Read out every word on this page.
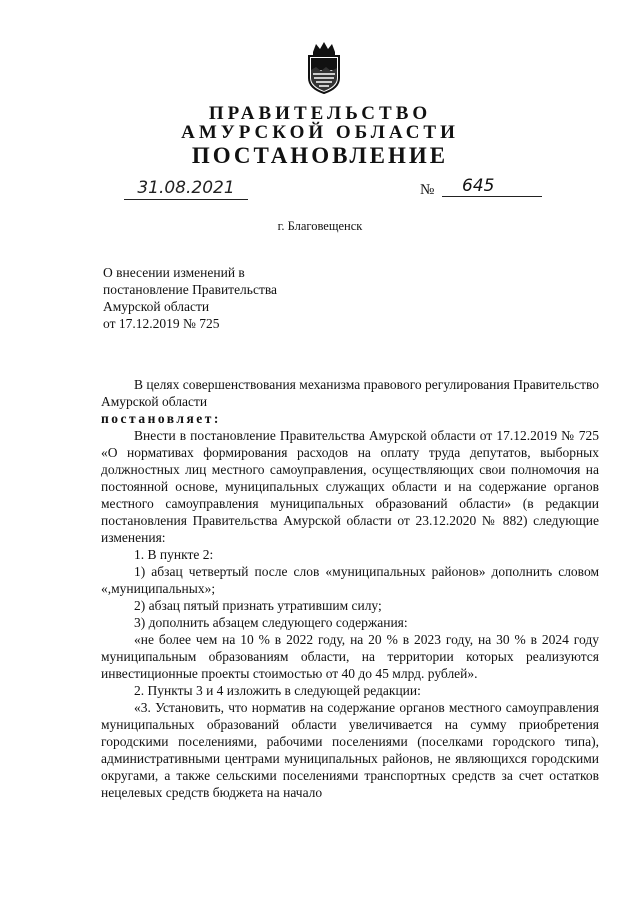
ПРАВИТЕЛЬСТВО
АМУРСКОЙ ОБЛАСТИ
ПОСТАНОВЛЕНИЕ
31.08.2021	№	645
г. Благовещенск
О внесении изменений в
постановление Правительства
Амурской области
от 17.12.2019 № 725

В целях совершенствования механизма правового регулирования Правительство Амурской области

постановляет:

Внести в постановление Правительства Амурской области от 17.12.2019 № 725 «О нормативах формирования расходов на оплату труда депутатов, выборных должностных лиц местного самоуправления, осуществляющих свои полномочия на постоянной основе, муниципальных служащих области и на содержание органов местного самоуправления муниципальных образований области» (в редакции постановления Правительства Амурской области от 23.12.2020 № 882) следующие изменения:

1. В пункте 2:

1) абзац четвертый после слов «муниципальных районов» дополнить словом «,муниципальных»;

2) абзац пятый признать утратившим силу;

3) дополнить абзацем следующего содержания:

«не более чем на 10 % в 2022 году, на 20 % в 2023 году, на 30 % в 2024 году муниципальным образованиям области, на территории которых реализуются инвестиционные проекты стоимостью от 40 до 45 млрд. рублей».

2. Пункты 3 и 4 изложить в следующей редакции:

«3. Установить, что норматив на содержание органов местного самоуправления муниципальных образований области увеличивается на сумму приобретения городскими поселениями, рабочими поселениями (поселками городского типа), административными центрами муниципальных районов, не являющихся городскими округами, а также сельскими поселениями транспортных средств за счет остатков нецелевых средств бюджета на начало
